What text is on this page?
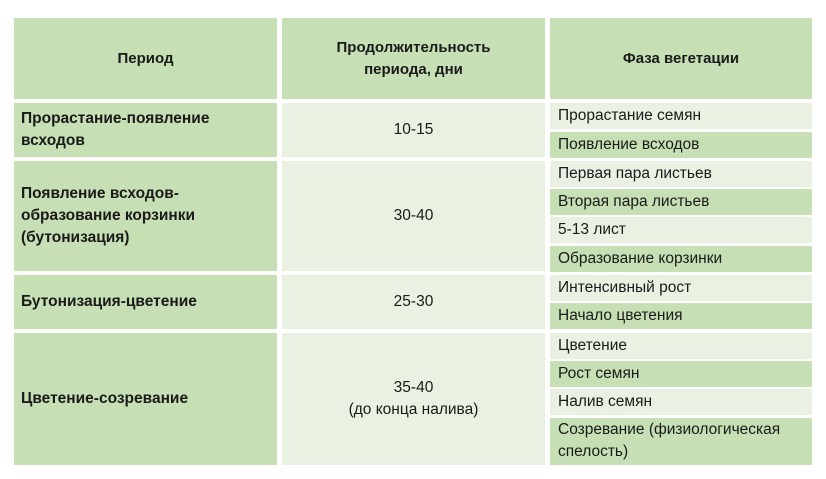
Период
Продолжительность
периода, дни
Фаза вегетации
Прорастание-появление
всходов
10-15
Прорастание семян
Появление всходов
Появление всходов-
образование корзинки
(бутонизация)
30-40
Первая пара листьев
Вторая пара листьев
5-13 лист
Образование корзинки
Бутонизация-цветение	25-30
Интенсивный рост
Начало цветения
Цветение-созревание
35-40
(до конца налива)
Цветение
Рост семян
Налив семян
Созревание (физиологическая
спелость)
